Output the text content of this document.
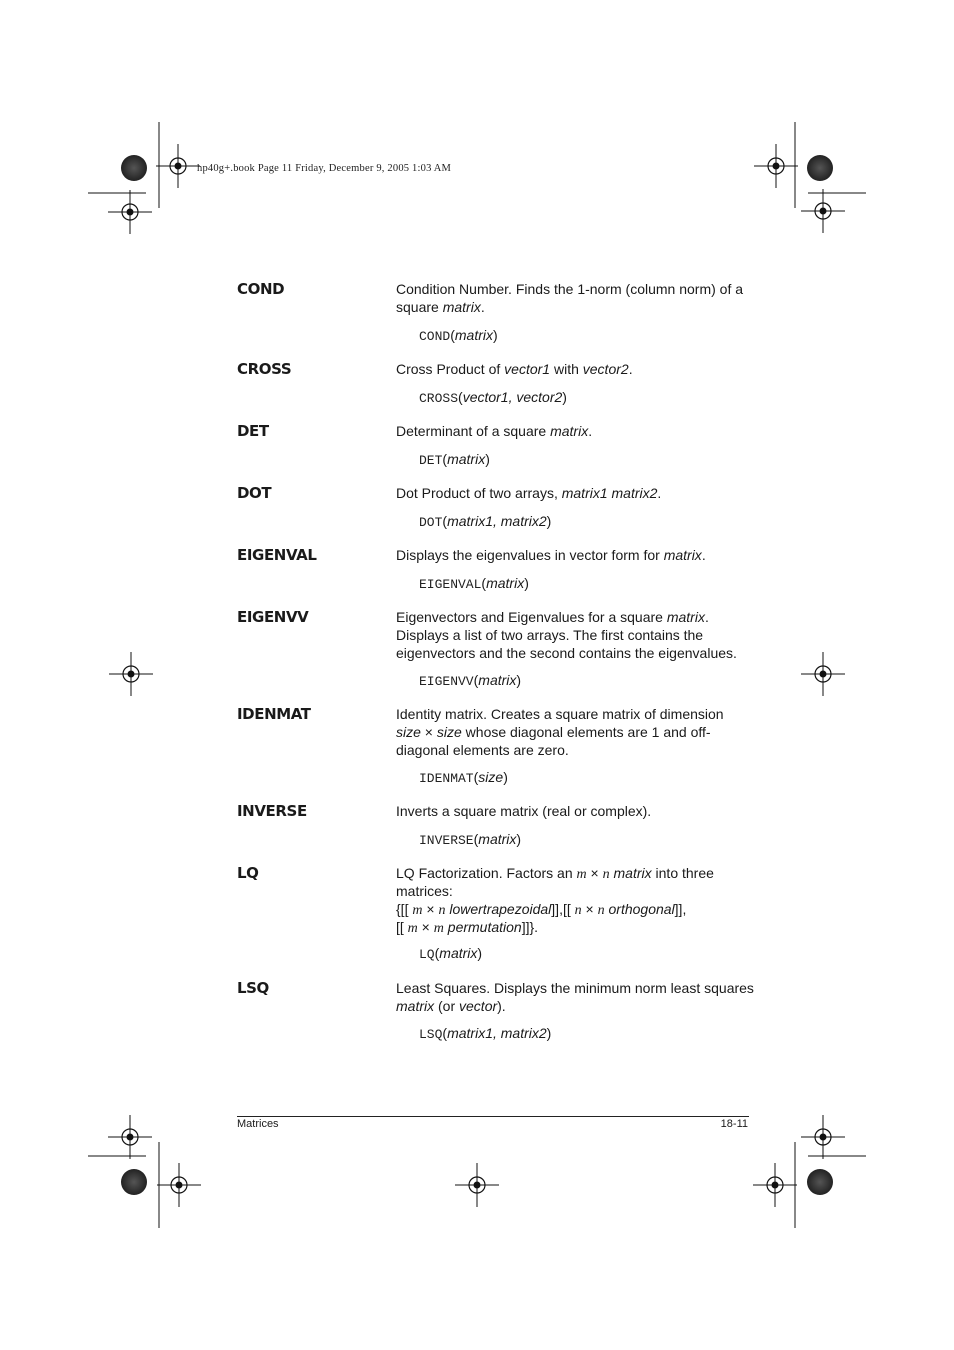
hp40g+.book Page 11 Friday, December 9, 2005 1:03 AM
COND	Condition Number. Finds the 1-norm (column norm) of a
square matrix.
COND(matrix)
CROSS	Cross Product of vector1 with vector2.
CROSS(vector1, vector2)
DET	Determinant of a square matrix.
DET(matrix)
DOT	Dot Product of two arrays, matrix1 matrix2.
DOT(matrix1, matrix2)
EIGENVAL	Displays the eigenvalues in vector form for matrix.
EIGENVAL(matrix)
EIGENVV	Eigenvectors and Eigenvalues for a square matrix.
Displays a list of two arrays. The first contains the
eigenvectors and the second contains the eigenvalues.
EIGENVV(matrix)
IDENMAT	Identity matrix. Creates a square matrix of dimension
size × size whose diagonal elements are 1 and off-
diagonal elements are zero.
IDENMAT(size)
INVERSE	Inverts a square matrix (real or complex).
INVERSE(matrix)
LQ	LQ Factorization. Factors an m × n matrix into three
matrices:
{[[ m × n lowertrapezoidal]],[[ n × n orthogonal]],
[[ m × m permutation]]}.
LQ(matrix)
LSQ	Least Squares. Displays the minimum norm least squares
matrix (or vector).
LSQ(matrix1, matrix2)
Matrices	18-11
